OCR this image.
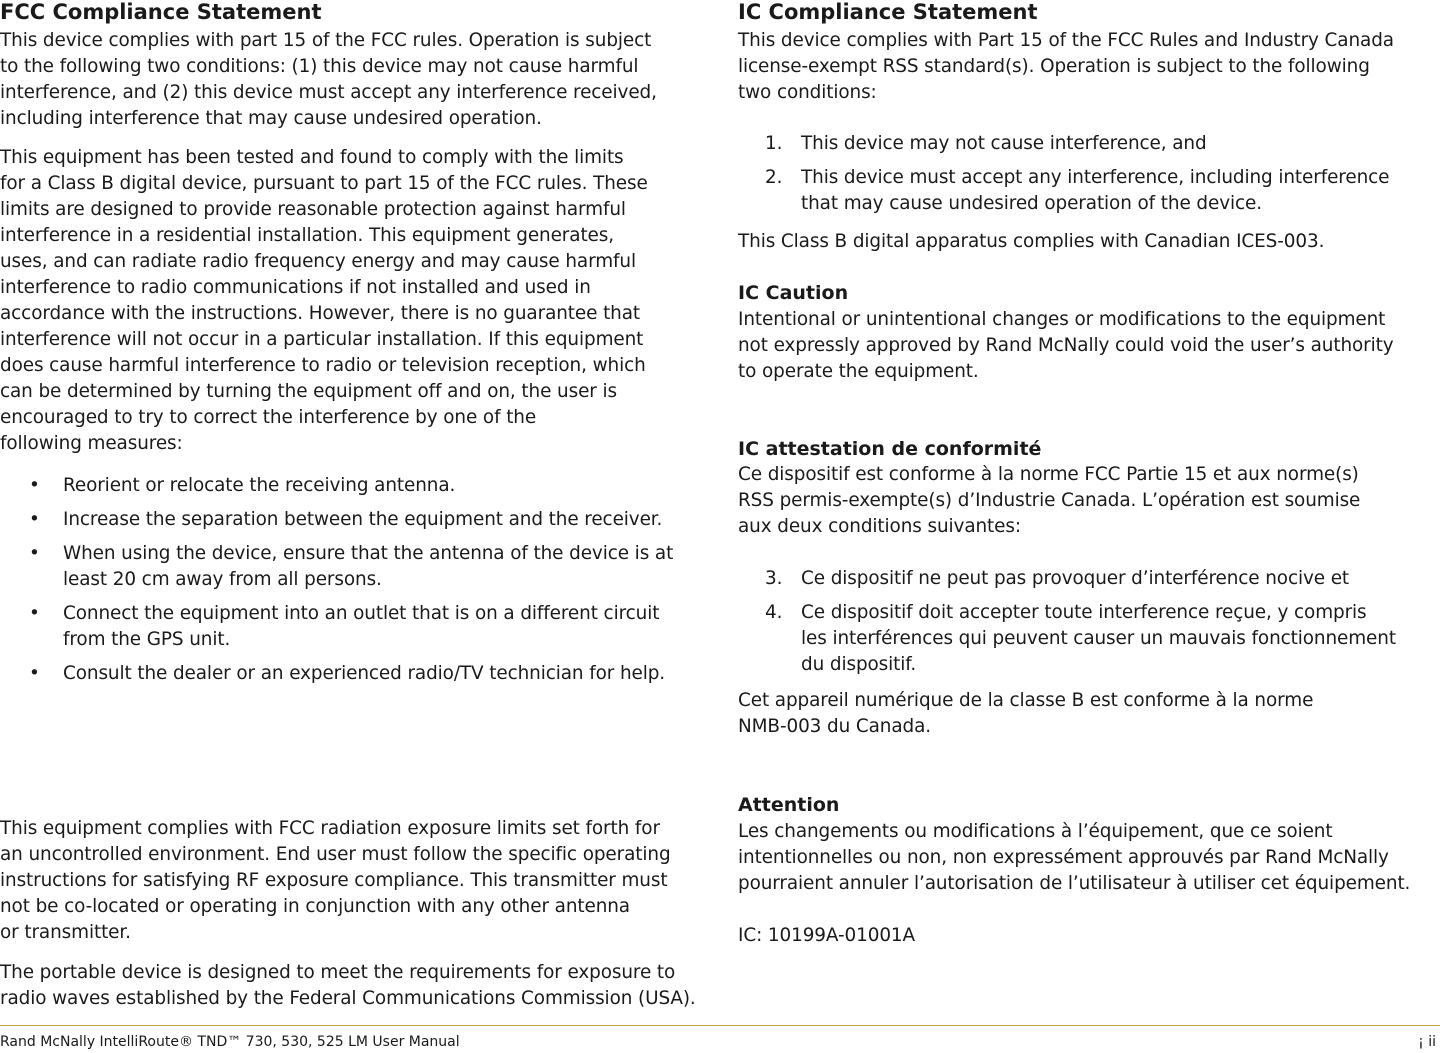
FCC Compliance Statement

This device complies with part 15 of the FCC rules. Operation is subject
to the following two conditions: (1) this device may not cause harmful
interference, and (2) this device must accept any interference received,
including interference that may cause undesired operation.

This equipment has been tested and found to comply with the limits
for a Class B digital device, pursuant to part 15 of the FCC rules. These
limits are designed to provide reasonable protection against harmful
interference in a residential installation. This equipment generates,
uses, and can radiate radio frequency energy and may cause harmful
interference to radio communications if not installed and used in
accordance with the instructions. However, there is no guarantee that
interference will not occur in a particular installation. If this equipment
does cause harmful interference to radio or television reception, which
can be determined by turning the equipment off and on, the user is
encouraged to try to correct the interference by one of the
following measures:

• Reorient or relocate the receiving antenna.
• Increase the separation between the equipment and the receiver.
• When using the device, ensure that the antenna of the device is at
least 20 cm away from all persons.
• Connect the equipment into an outlet that is on a different circuit
from the GPS unit.
• Consult the dealer or an experienced radio/TV technician for help.

This equipment complies with FCC radiation exposure limits set forth for
an uncontrolled environment. End user must follow the specific operating
instructions for satisfying RF exposure compliance. This transmitter must
not be co-located or operating in conjunction with any other antenna
or transmitter.

The portable device is designed to meet the requirements for exposure to
radio waves established by the Federal Communications Commission (USA).

IC Compliance Statement

This device complies with Part 15 of the FCC Rules and Industry Canada
license-exempt RSS standard(s). Operation is subject to the following
two conditions:

1. This device may not cause interference, and
2. This device must accept any interference, including interference
that may cause undesired operation of the device.

This Class B digital apparatus complies with Canadian ICES-003.

IC Caution

Intentional or unintentional changes or modifications to the equipment
not expressly approved by Rand McNally could void the user’s authority
to operate the equipment.

IC attestation de conformité

Ce dispositif est conforme à la norme FCC Partie 15 et aux norme(s)
RSS permis-exempte(s) d’Industrie Canada. L’opération est soumise
aux deux conditions suivantes:

3. Ce dispositif ne peut pas provoquer d’interférence nocive et
4. Ce dispositif doit accepter toute interference reçue, y compris
les interférences qui peuvent causer un mauvais fonctionnement
du dispositif.

Cet appareil numérique de la classe B est conforme à la norme
NMB-003 du Canada.

Attention

Les changements ou modifications à l’équipement, que ce soient
intentionnelles ou non, non expressément approuvés par Rand McNally
pourraient annuler l’autorisation de l’utilisateur à utiliser cet équipement.

IC: 10199A-01001A

Rand McNally IntelliRoute® TND™ 730, 530, 525 LM User Manual	¡ ii
